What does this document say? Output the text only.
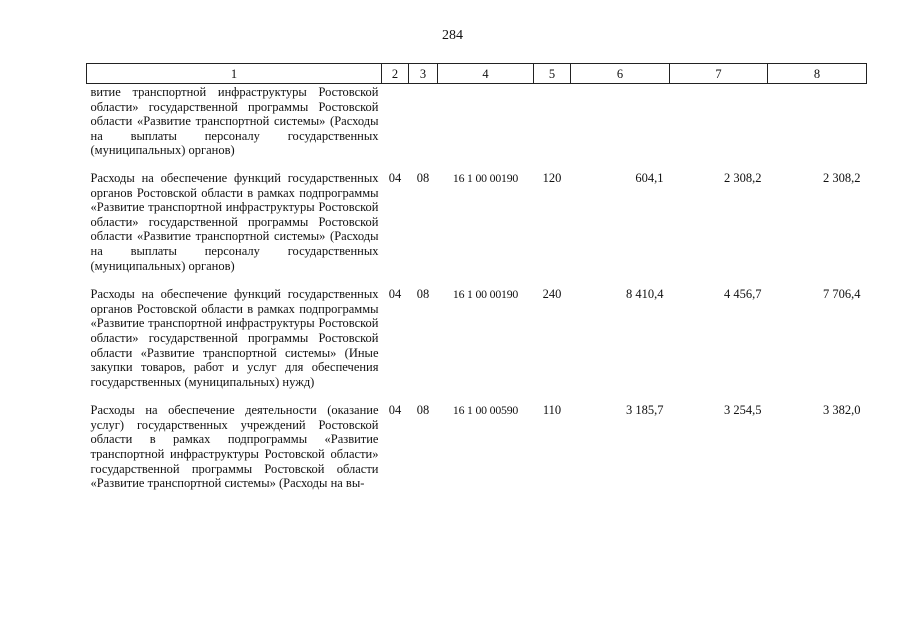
284
1	2	3	4	5	6	7	8

витие транспортной инфраструктуры Ростовской области» государственной программы Ростовской области «Развитие транспортной системы» (Расходы на выплаты персоналу государственных (муниципальных) органов)							

Расходы на обеспечение функций государственных органов Ростовской области в рамках подпрограммы «Развитие транспортной инфраструктуры Ростовской области» государственной программы Ростовской области «Развитие транспортной системы» (Расходы на выплаты персоналу государственных (муниципальных) органов)	04	08	16 1 00 00190	120	604,1	2 308,2	2 308,2

Расходы на обеспечение функций государственных органов Ростовской области в рамках подпрограммы «Развитие транспортной инфраструктуры Ростовской области» государственной программы Ростовской области «Развитие транспортной системы» (Иные закупки товаров, работ и услуг для обеспечения государственных (муниципальных) нужд)	04	08	16 1 00 00190	240	8 410,4	4 456,7	7 706,4

Расходы на обеспечение деятельности (оказание услуг) государственных учреждений Ростовской области в рамках подпрограммы «Развитие транспортной инфраструктуры Ростовской области» государственной программы Ростовской области «Развитие транспортной системы» (Расходы на вы-	04	08	16 1 00 00590	110	3 185,7	3 254,5	3 382,0
